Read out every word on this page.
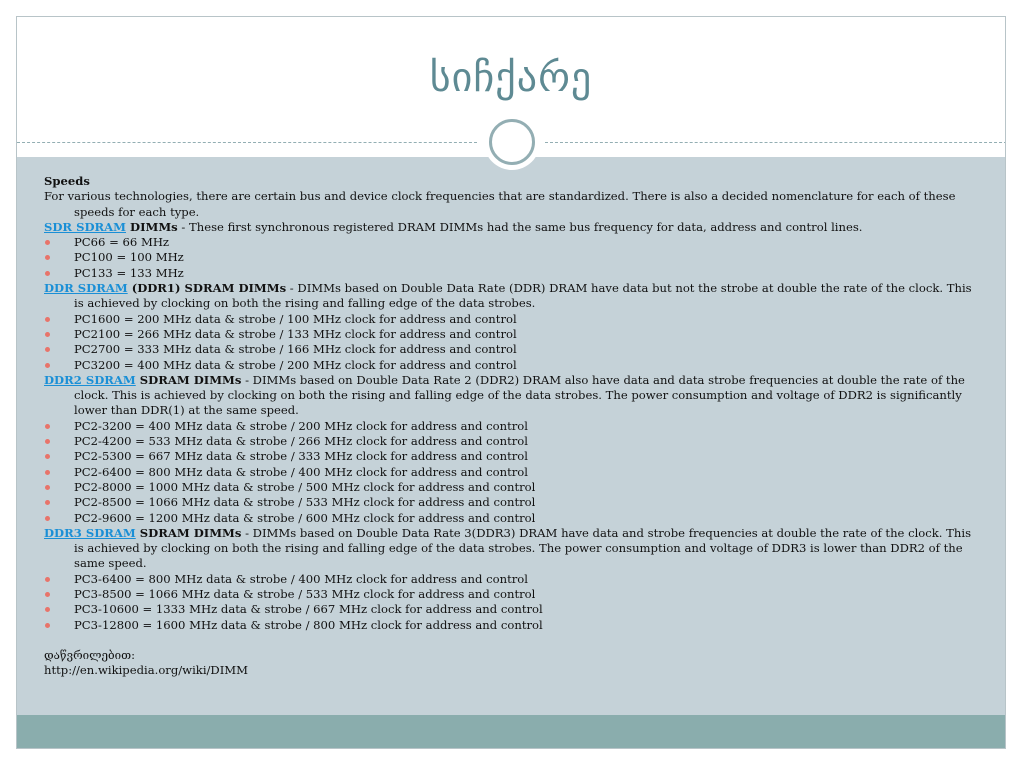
სიჩქარე

Speeds

For various technologies, there are certain bus and device clock frequencies that are standardized. There is also a decided nomenclature for each of these speeds for each type.

SDR SDRAM DIMMs - These first synchronous registered DRAM DIMMs had the same bus frequency for data, address and control lines.

PC66 = 66 MHz

PC100 = 100 MHz

PC133 = 133 MHz

DDR SDRAM (DDR1) SDRAM DIMMs - DIMMs based on Double Data Rate (DDR) DRAM have data but not the strobe at double the rate of the clock. This is achieved by clocking on both the rising and falling edge of the data strobes.

PC1600 = 200 MHz data & strobe / 100 MHz clock for address and control

PC2100 = 266 MHz data & strobe / 133 MHz clock for address and control

PC2700 = 333 MHz data & strobe / 166 MHz clock for address and control

PC3200 = 400 MHz data & strobe / 200 MHz clock for address and control

DDR2 SDRAM SDRAM DIMMs - DIMMs based on Double Data Rate 2 (DDR2) DRAM also have data and data strobe frequencies at double the rate of the clock. This is achieved by clocking on both the rising and falling edge of the data strobes. The power consumption and voltage of DDR2 is significantly lower than DDR(1) at the same speed.

PC2-3200 = 400 MHz data & strobe / 200 MHz clock for address and control

PC2-4200 = 533 MHz data & strobe / 266 MHz clock for address and control

PC2-5300 = 667 MHz data & strobe / 333 MHz clock for address and control

PC2-6400 = 800 MHz data & strobe / 400 MHz clock for address and control

PC2-8000 = 1000 MHz data & strobe / 500 MHz clock for address and control

PC2-8500 = 1066 MHz data & strobe / 533 MHz clock for address and control

PC2-9600 = 1200 MHz data & strobe / 600 MHz clock for address and control

DDR3 SDRAM SDRAM DIMMs - DIMMs based on Double Data Rate 3(DDR3) DRAM have data and strobe frequencies at double the rate of the clock. This is achieved by clocking on both the rising and falling edge of the data strobes. The power consumption and voltage of DDR3 is lower than DDR2 of the same speed.

PC3-6400 = 800 MHz data & strobe / 400 MHz clock for address and control

PC3-8500 = 1066 MHz data & strobe / 533 MHz clock for address and control

PC3-10600 = 1333 MHz data & strobe / 667 MHz clock for address and control

PC3-12800 = 1600 MHz data & strobe / 800 MHz clock for address and control

დაწვრილებით:

http://en.wikipedia.org/wiki/DIMM
